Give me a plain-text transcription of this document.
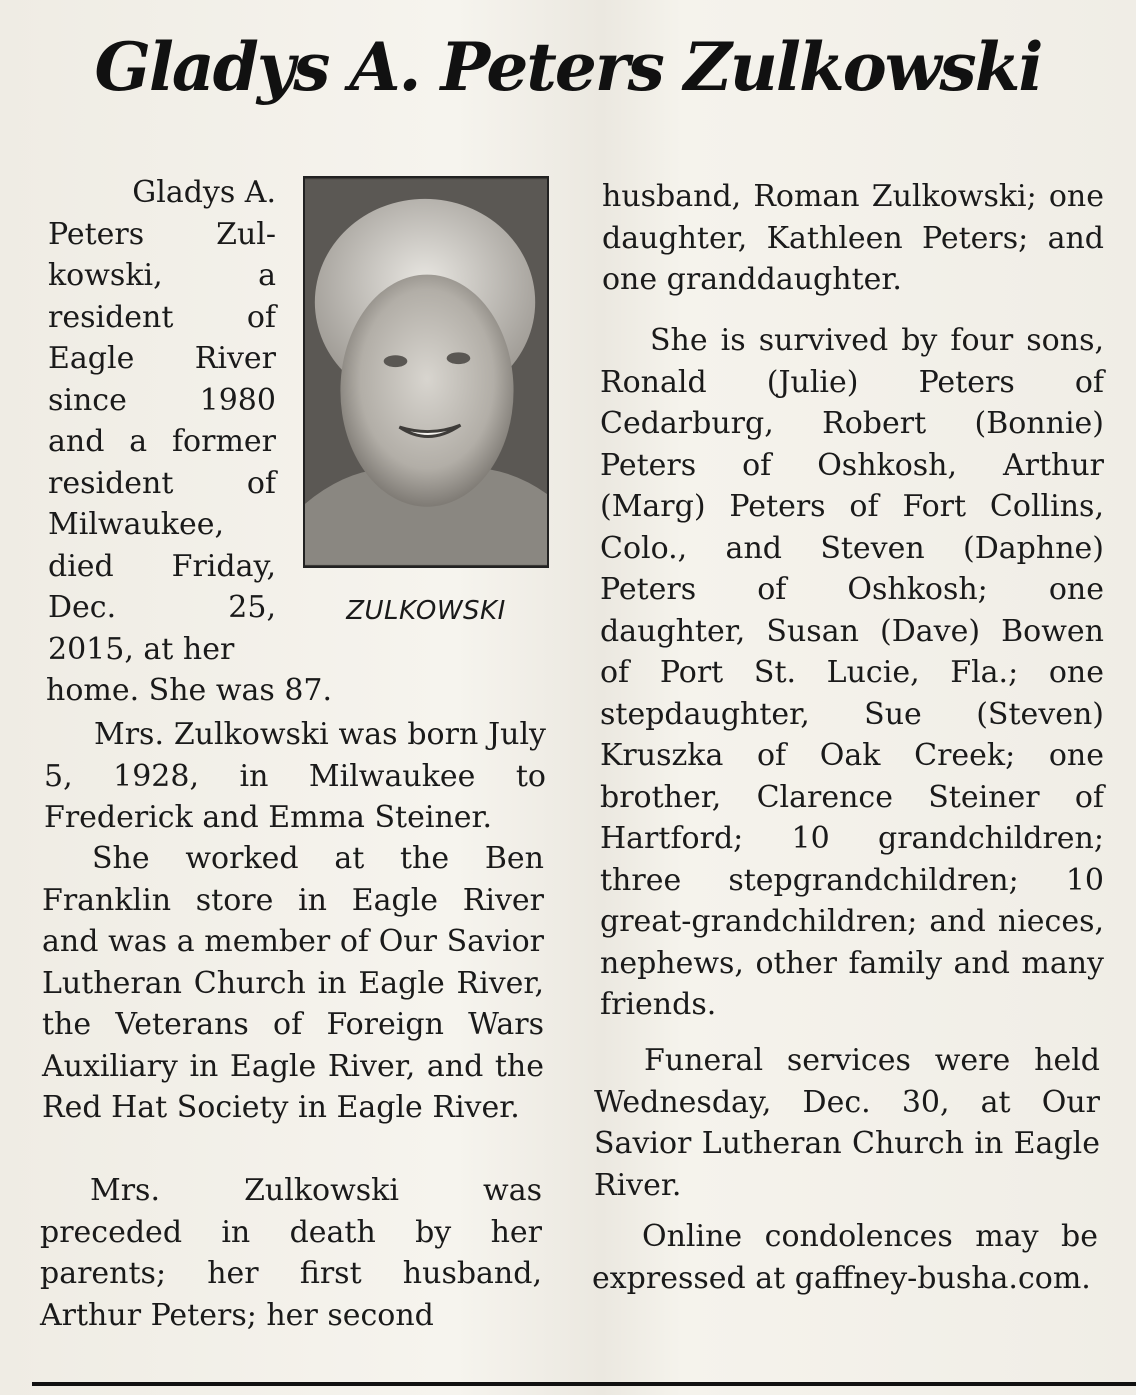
Gladys A. Peters Zulkowski
Gladys A.
Peters Zul-
kowski, a
resident of
Eagle River
since 1980
and a former
resident of
Milwaukee,
died Friday,
Dec. 25,
2015, at her

home. She was 87.

ZULKOWSKI

Mrs. Zulkowski was born July 5, 1928, in Milwaukee to Frederick and Emma Steiner.

She worked at the Ben Franklin store in Eagle River and was a member of Our Savior Lutheran Church in Eagle River, the Veterans of Foreign Wars Auxiliary in Eagle River, and the Red Hat Society in Eagle River.

Mrs. Zulkowski was preceded in death by her parents; her first husband, Arthur Peters; her second

husband, Roman Zulkowski; one daughter, Kathleen Peters; and one granddaughter.

She is survived by four sons, Ronald (Julie) Peters of Cedarburg, Robert (Bonnie) Peters of Oshkosh, Arthur (Marg) Peters of Fort Collins, Colo., and Steven (Daphne) Peters of Oshkosh; one daughter, Susan (Dave) Bowen of Port St. Lucie, Fla.; one stepdaughter, Sue (Steven) Kruszka of Oak Creek; one brother, Clarence Steiner of Hartford; 10 grandchildren; three stepgrandchildren; 10 great-grandchildren; and nieces, nephews, other family and many friends.

Funeral services were held Wednesday, Dec. 30, at Our Savior Lutheran Church in Eagle River.

Online condolences may be expressed at gaffney-busha.com.
